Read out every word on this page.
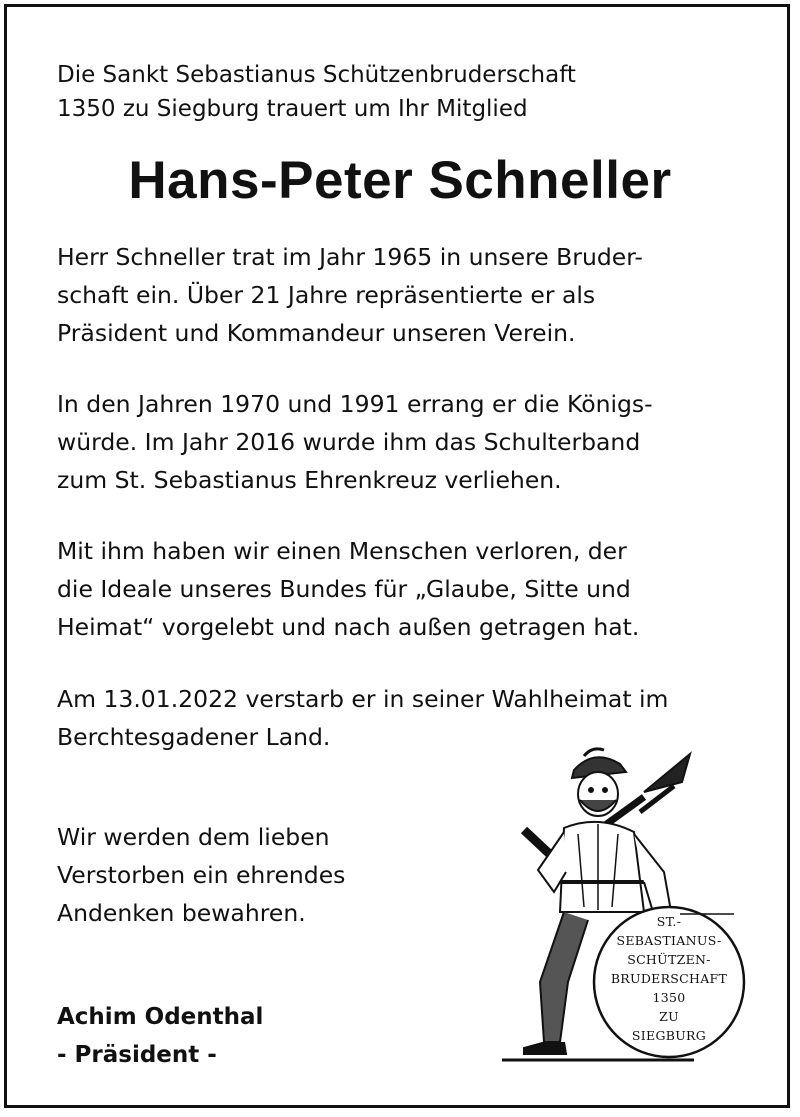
Die Sankt Sebastianus Schützenbruderschaft
1350 zu Siegburg trauert um Ihr Mitglied
Hans-Peter Schneller
Herr Schneller trat im Jahr 1965 in unsere Bruder-
schaft ein. Über 21 Jahre repräsentierte er als
Präsident und Kommandeur unseren Verein.
In den Jahren 1970 und 1991 errang er die Königs-
würde. Im Jahr 2016 wurde ihm das Schulterband
zum St. Sebastianus Ehrenkreuz verliehen.
Mit ihm haben wir einen Menschen verloren, der
die Ideale unseres Bundes für „Glaube, Sitte und
Heimat“ vorgelebt und nach außen getragen hat.
Am 13.01.2022 verstarb er in seiner Wahlheimat im
Berchtesgadener Land.
Wir werden dem lieben
Verstorben ein ehrendes
Andenken bewahren.
Achim Odenthal
- Präsident -
ST.-
SEBASTIANUS-
SCHÜTZEN-
BRUDERSCHAFT
1350
ZU
SIEGBURG
